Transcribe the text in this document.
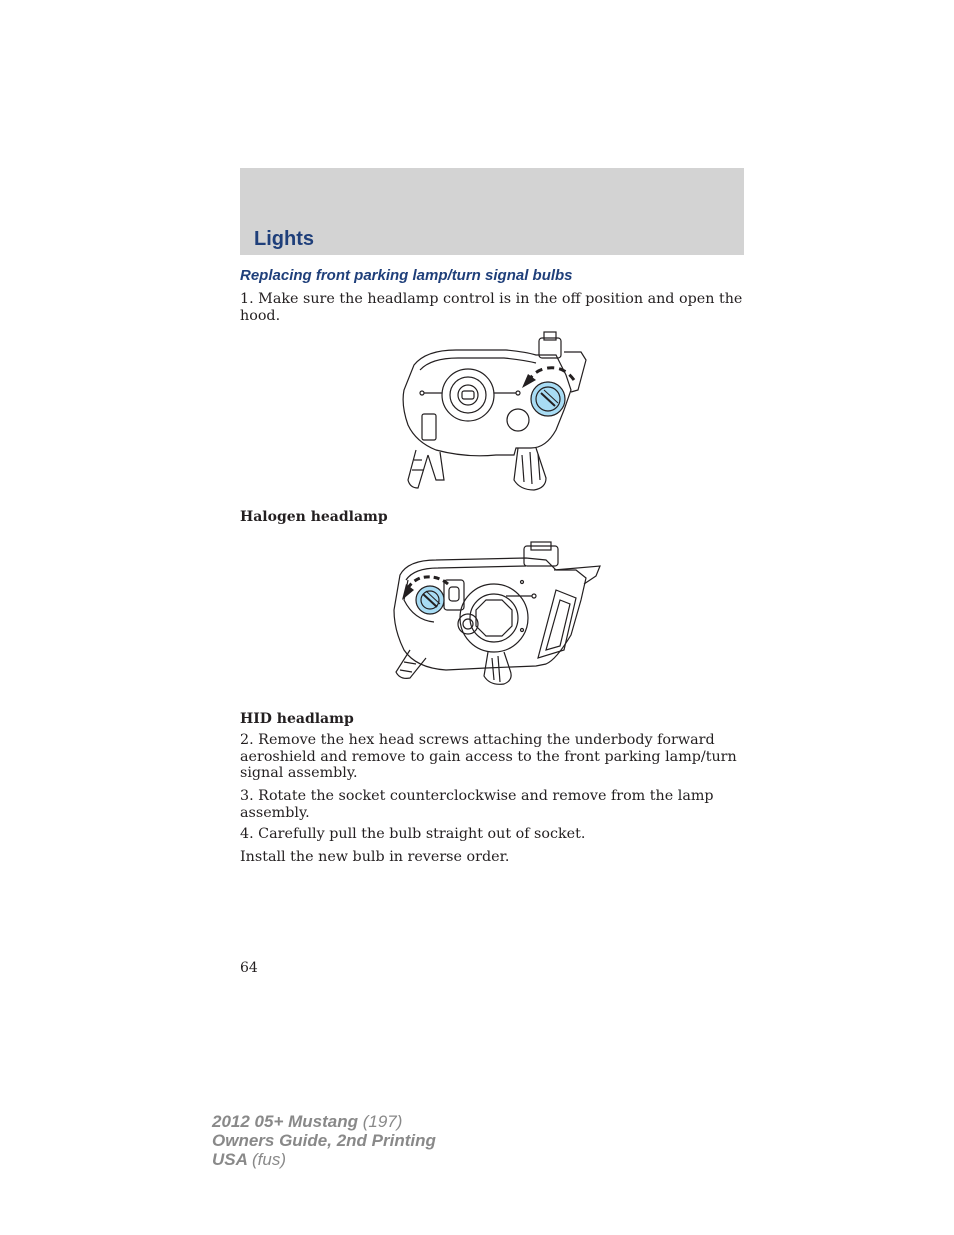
Lights
Replacing front parking lamp/turn signal bulbs

1. Make sure the headlamp control is in the off position and open the hood.

Halogen headlamp

HID headlamp

2. Remove the hex head screws attaching the underbody forward aeroshield and remove to gain access to the front parking lamp/turn signal assembly.

3. Rotate the socket counterclockwise and remove from the lamp assembly.

4. Carefully pull the bulb straight out of socket.

Install the new bulb in reverse order.

64
2012 05+ Mustang (197)
Owners Guide, 2nd Printing
USA (fus)
